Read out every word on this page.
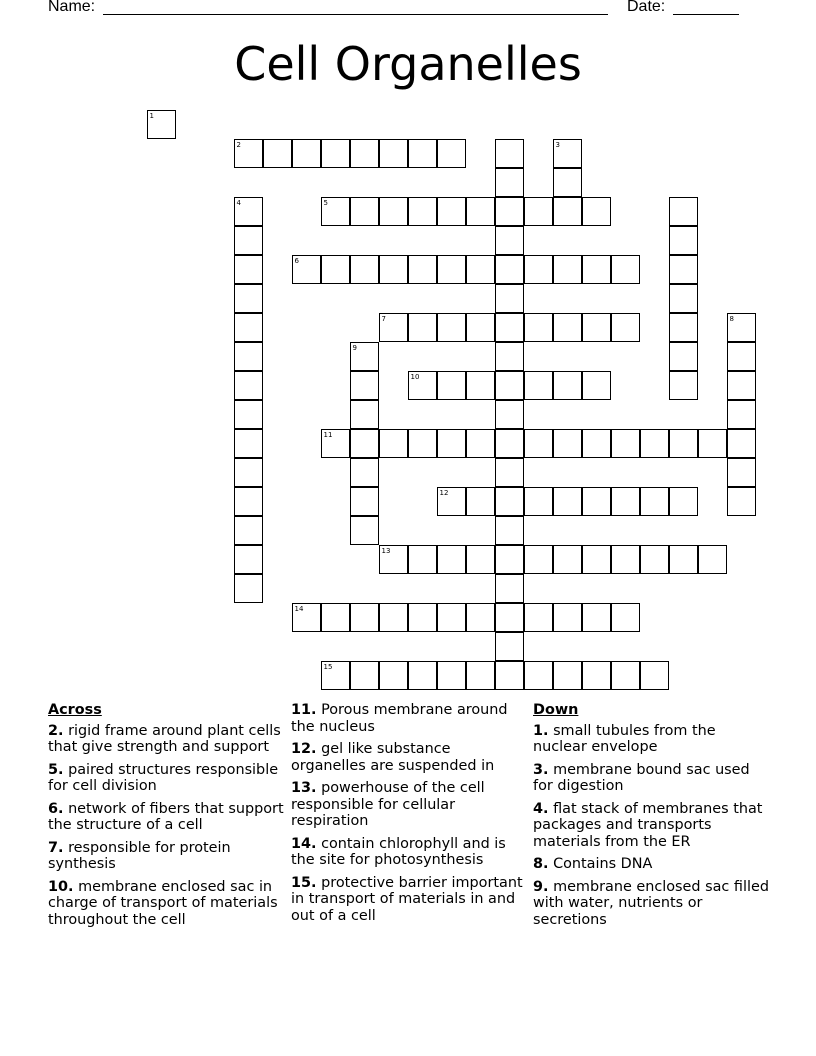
Name:	Date:
Cell Organelles
1
2	3
4	5
6
7	8
9
10
11
12
13
14
15
Across
2. rigid frame around plant cells that give strength and support
5. paired structures responsible for cell division
6. network of fibers that support the structure of a cell
7. responsible for protein synthesis
10. membrane enclosed sac in charge of transport of materials throughout the cell
11. Porous membrane around the nucleus
12. gel like substance organelles are suspended in
13. powerhouse of the cell responsible for cellular respiration
14. contain chlorophyll and is the site for photosynthesis
15. protective barrier important in transport of materials in and out of a cell
Down
1. small tubules from the nuclear envelope
3. membrane bound sac used for digestion
4. flat stack of membranes that packages and transports materials from the ER
8. Contains DNA
9. membrane enclosed sac filled with water, nutrients or secretions
